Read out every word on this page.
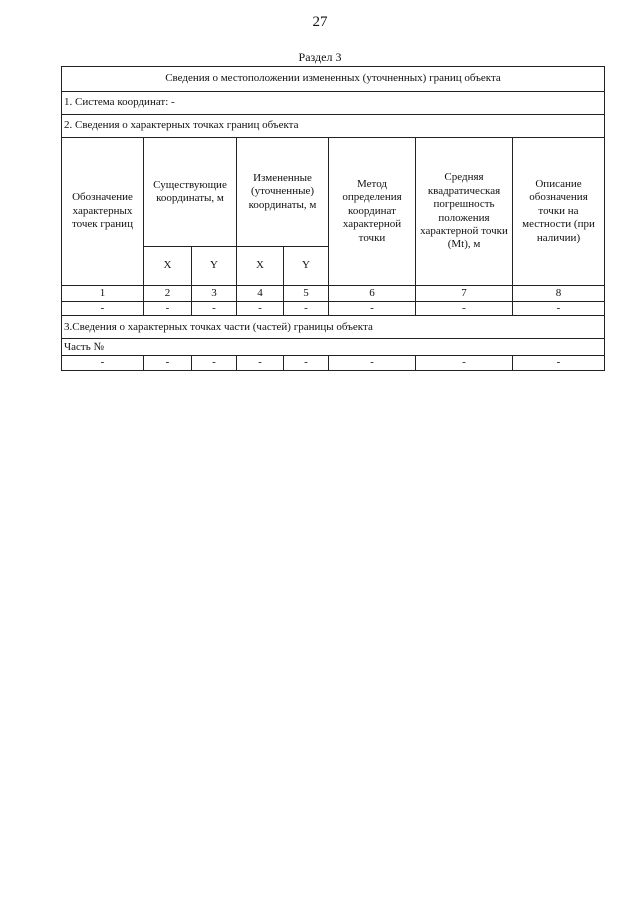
27
Раздел 3
Сведения о местоположении измененных (уточненных) границ объекта							
1. Система координат: -							
2. Сведения о характерных точках границ объекта							
Обозначение характерных точек границ	Существующие координаты, м		Измененные (уточненные) координаты, м		Метод определения координат характерной точки	Средняя квадратическая погрешность положения характерной точки (Mt), м	Описание обозначения точки на местности (при наличии)
	X	Y	X	Y			
1	2	3	4	5	6	7	8
-	-	-	-	-	-	-	-
3.Сведения о характерных точках части (частей) границы объекта							
Часть №							
-	-	-	-	-	-	-	-
